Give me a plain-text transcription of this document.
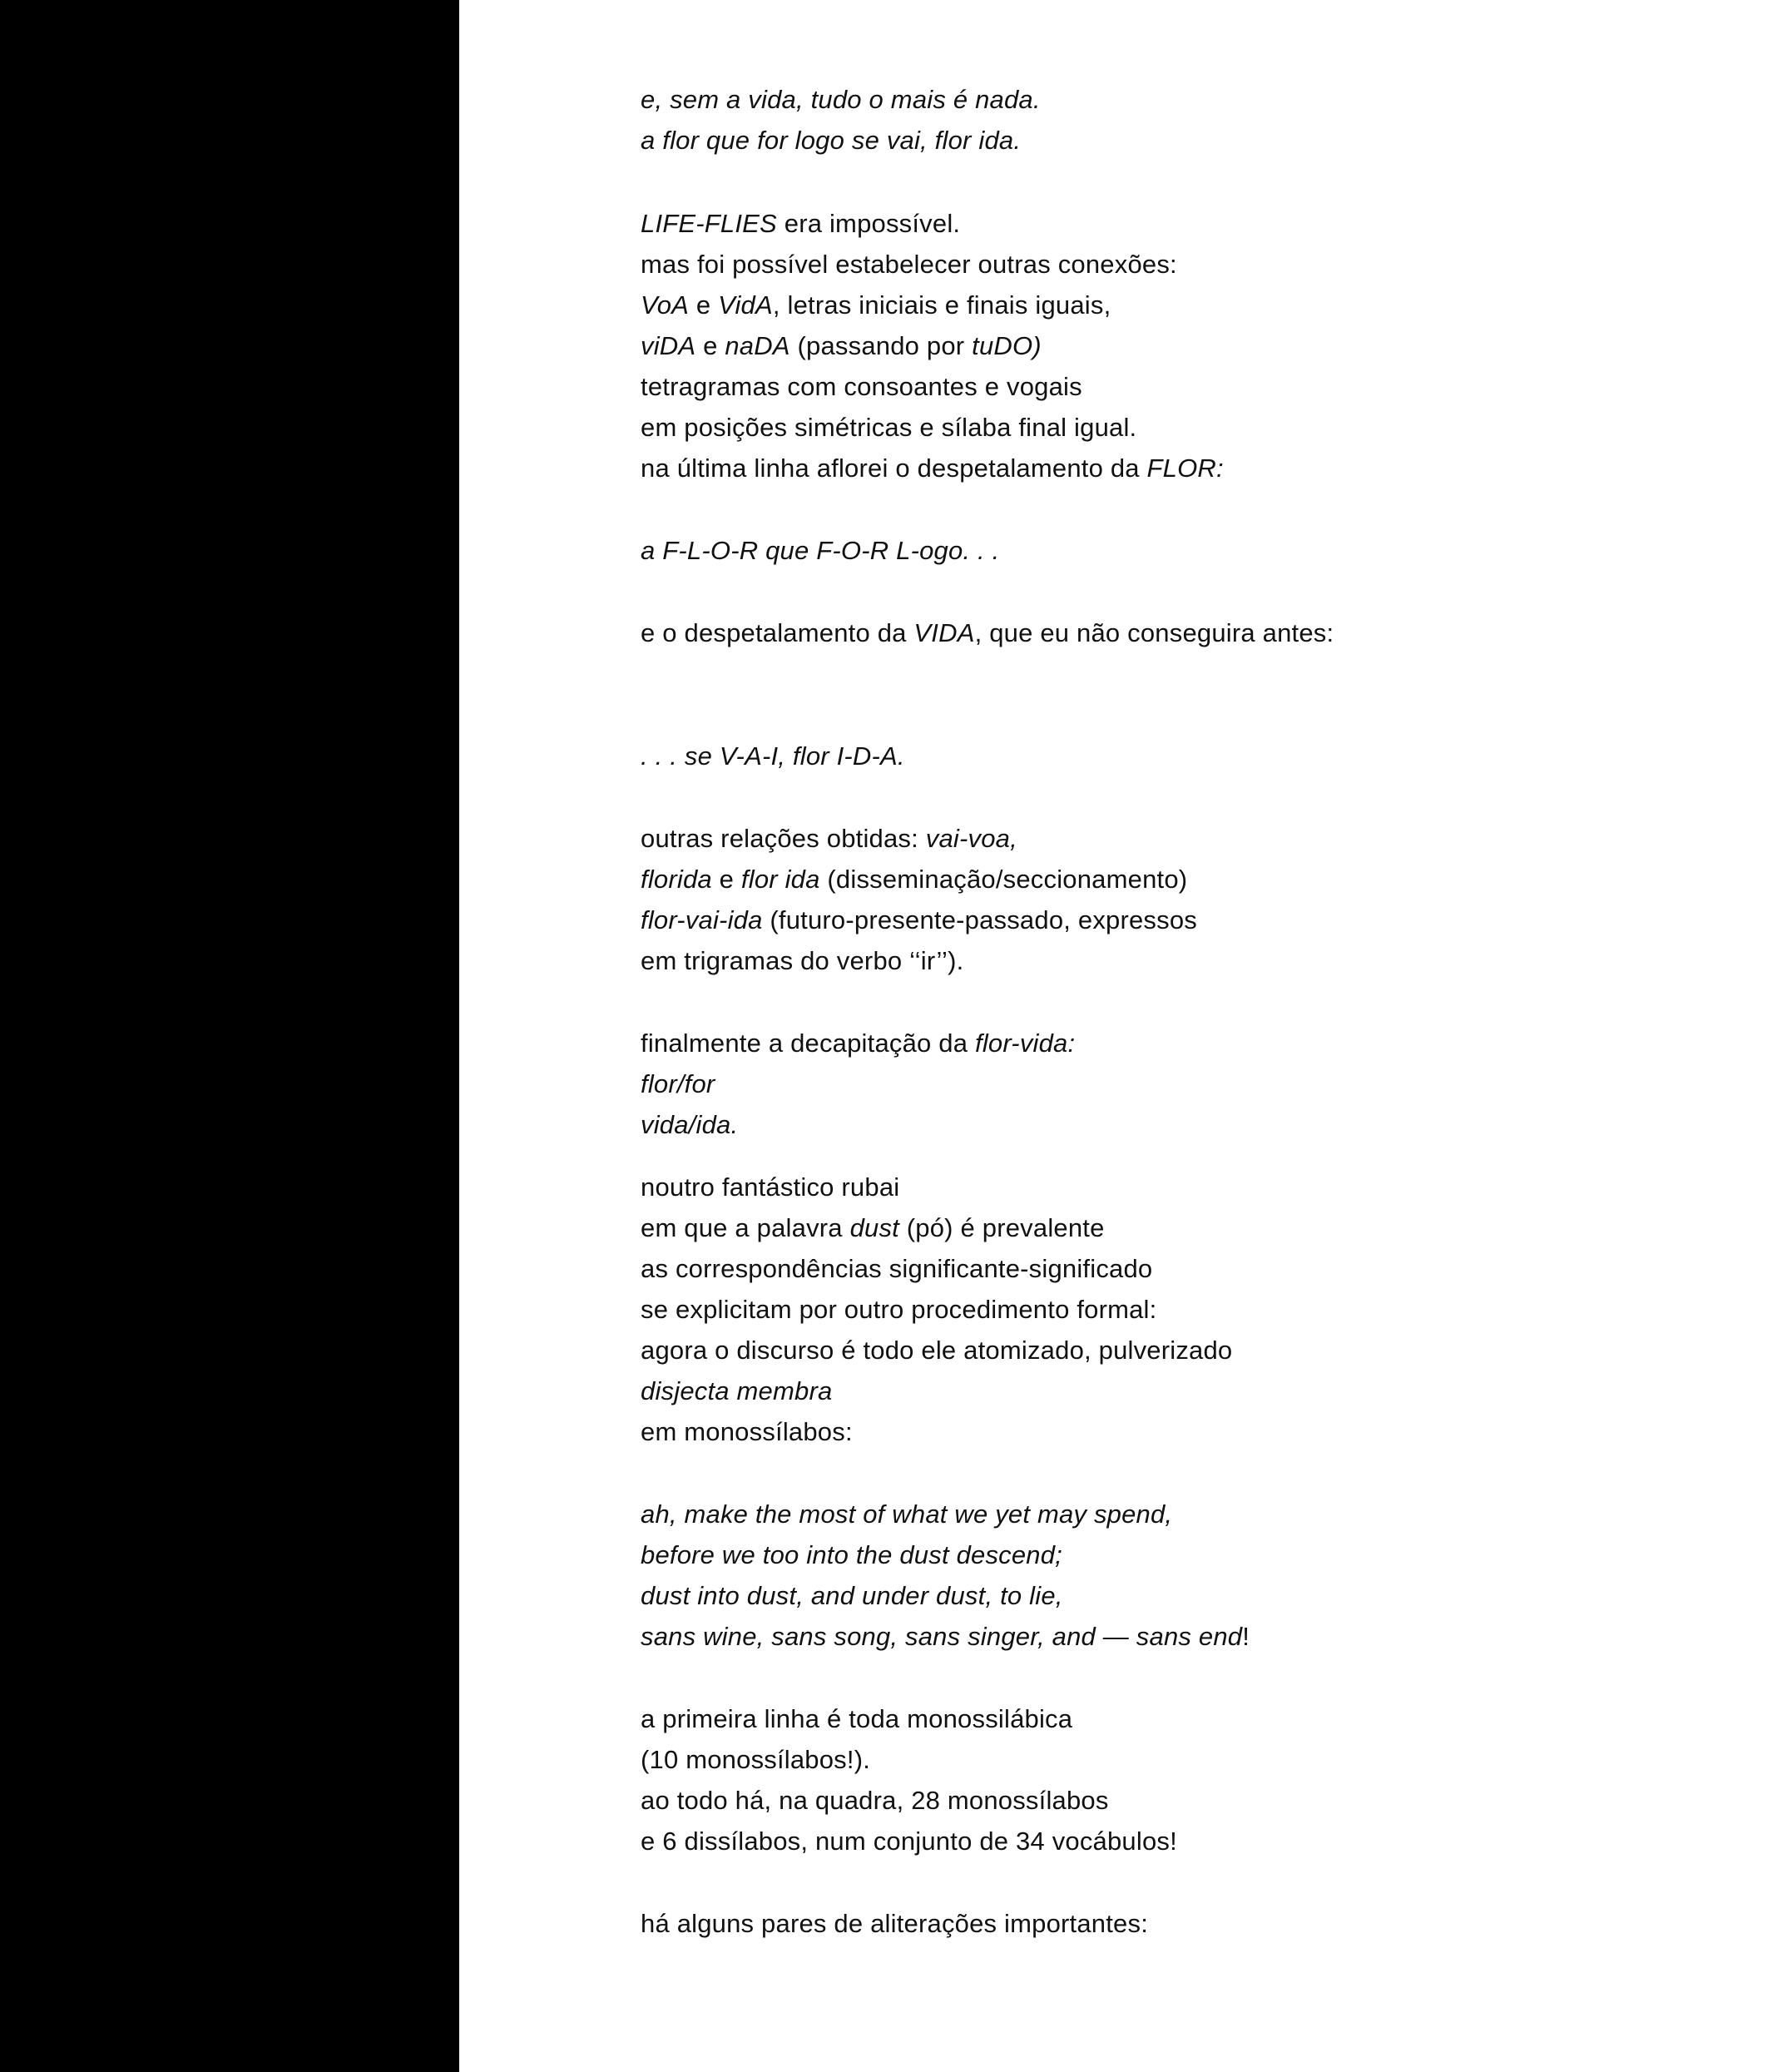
e, sem a vida, tudo o mais é nada.
a flor que for logo se vai, flor ida.
LIFE-FLIES era impossível.
mas foi possível estabelecer outras conexões:
VoA e VidA, letras iniciais e finais iguais,
viDA e naDA (passando por tuDO)
tetragramas com consoantes e vogais
em posições simétricas e sílaba final igual.
na última linha aflorei o despetalamento da FLOR:
a F-L-O-R que F-O-R L-ogo. . .
e o despetalamento da VIDA, que eu não conseguira antes:
. . . se V-A-I, flor I-D-A.
outras relações obtidas: vai-voa,
florida e flor ida (disseminação/seccionamento)
flor-vai-ida (futuro-presente-passado, expressos
em trigramas do verbo ‘‘ir’’).
finalmente a decapitação da flor-vida:
flor/for
vida/ida.
noutro fantástico rubai
em que a palavra dust (pó) é prevalente
as correspondências significante-significado
se explicitam por outro procedimento formal:
agora o discurso é todo ele atomizado, pulverizado
disjecta membra
em monossílabos:
ah, make the most of what we yet may spend,
before we too into the dust descend;
dust into dust, and under dust, to lie,
sans wine, sans song, sans singer, and — sans end!
a primeira linha é toda monossilábica
(10 monossílabos!).
ao todo há, na quadra, 28 monossílabos
e 6 dissílabos, num conjunto de 34 vocábulos!
há alguns pares de aliterações importantes:
